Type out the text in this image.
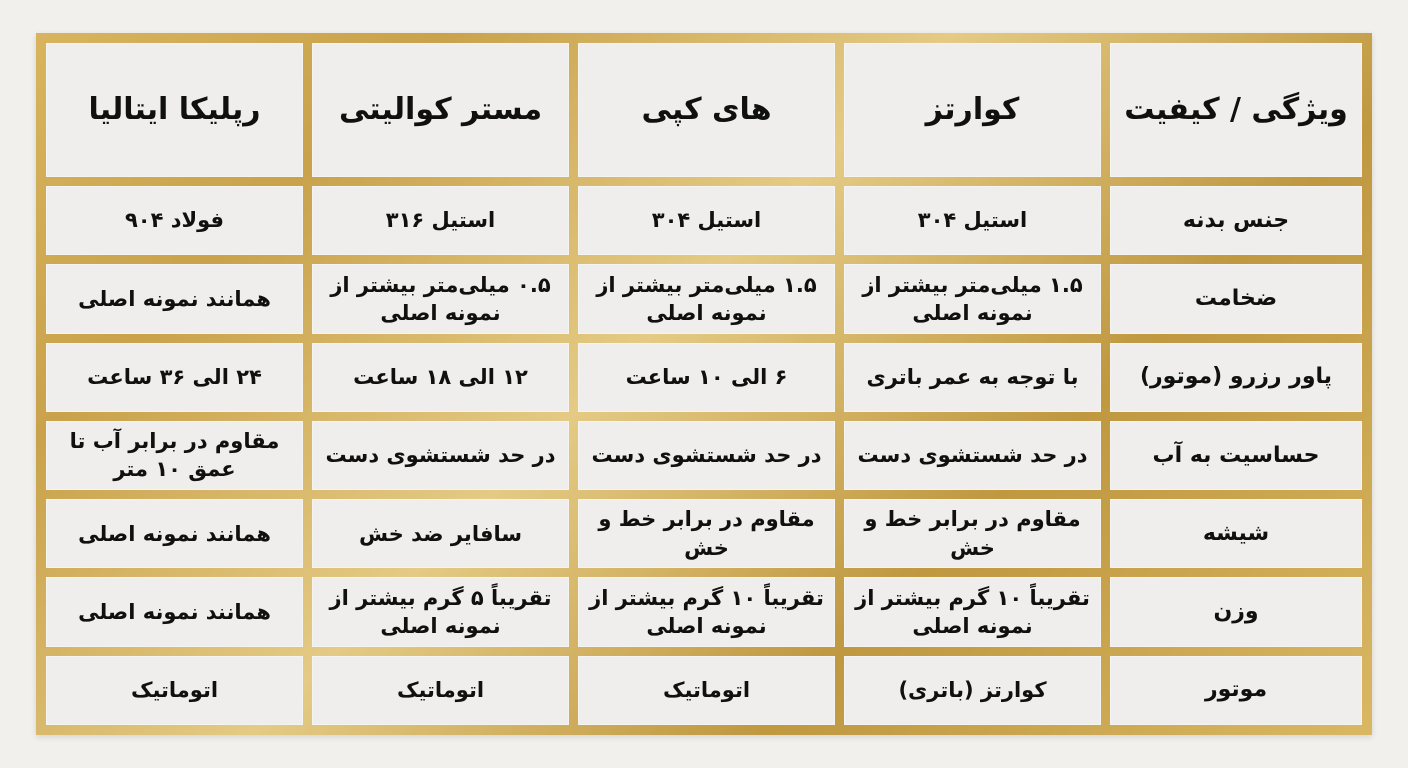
ویژگی / کیفیت
کوارتز
های کپی
مستر کوالیتی
رپلیکا ایتالیا
جنس بدنه
استیل ۳۰۴
استیل ۳۰۴
استیل ۳۱۶
فولاد ۹۰۴
ضخامت
۱.۵ میلی‌متر بیشتر از نمونه اصلی
۱.۵ میلی‌متر بیشتر از نمونه اصلی
۰.۵ میلی‌متر بیشتر از نمونه اصلی
همانند نمونه اصلی
پاور رزرو (موتور)
با توجه به عمر باتری
۶ الی ۱۰ ساعت
۱۲ الی ۱۸ ساعت
۲۴ الی ۳۶ ساعت
حساسیت به آب
در حد شستشوی دست
در حد شستشوی دست
در حد شستشوی دست
مقاوم در برابر آب تا عمق ۱۰ متر
شیشه
مقاوم در برابر خط و خش
مقاوم در برابر خط و خش
سافایر ضد خش
همانند نمونه اصلی
وزن
تقریباً ۱۰ گرم بیشتر از نمونه اصلی
تقریباً ۱۰ گرم بیشتر از نمونه اصلی
تقریباً ۵ گرم بیشتر از نمونه اصلی
همانند نمونه اصلی
موتور
کوارتز (باتری)
اتوماتیک
اتوماتیک
اتوماتیک
